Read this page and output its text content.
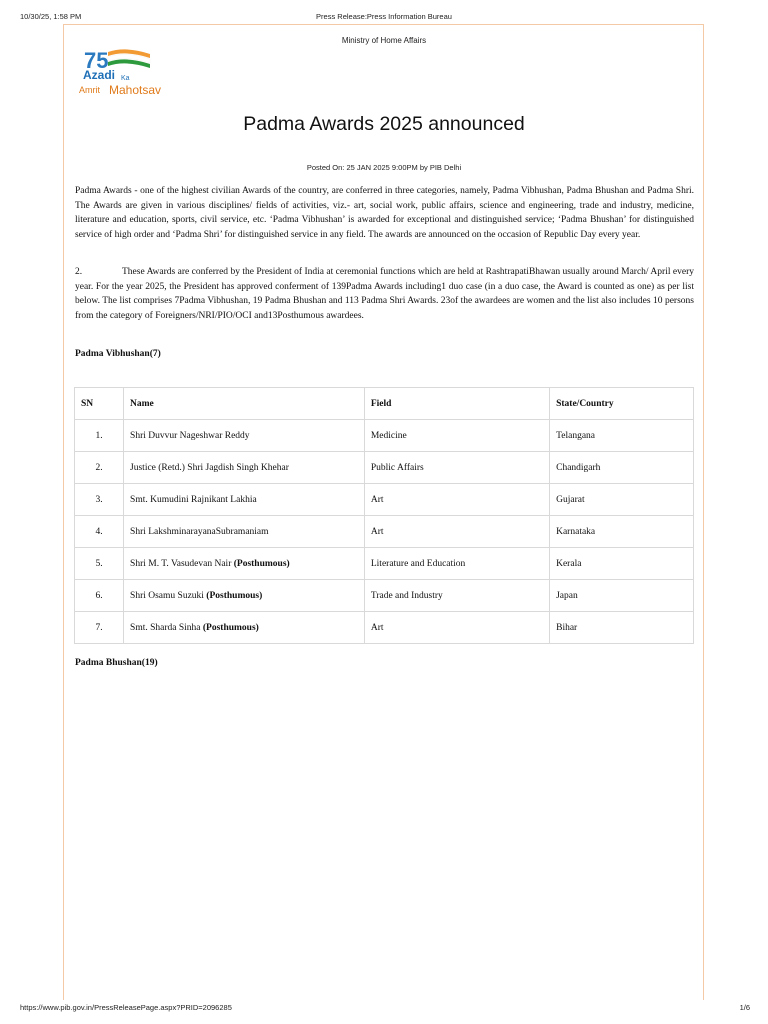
10/30/25, 1:58 PM	Press Release:Press Information Bureau
Ministry of Home Affairs
75
Azadi Ka
Amrit Mahotsav
Padma Awards 2025 announced
Posted On: 25 JAN 2025 9:00PM by PIB Delhi
Padma Awards - one of the highest civilian Awards of the country, are conferred in three categories, namely, Padma Vibhushan, Padma Bhushan and Padma Shri. The Awards are given in various disciplines/ fields of activities, viz.- art, social work, public affairs, science and engineering, trade and industry, medicine, literature and education, sports, civil service, etc. ‘Padma Vibhushan’ is awarded for exceptional and distinguished service; ‘Padma Bhushan’ for distinguished service of high order and ‘Padma Shri’ for distinguished service in any field. The awards are announced on the occasion of Republic Day every year.
2.	These Awards are conferred by the President of India at ceremonial functions which are held at RashtrapatiBhawan usually around March/ April every year. For the year 2025, the President has approved conferment of 139Padma Awards including1 duo case (in a duo case, the Award is counted as one) as per list below. The list comprises 7Padma Vibhushan, 19 Padma Bhushan and 113 Padma Shri Awards. 23of the awardees are women and the list also includes 10 persons from the category of Foreigners/NRI/PIO/OCI and13Posthumous awardees.
Padma Vibhushan(7)
SN	Name	Field	State/Country
1.	Shri Duvvur Nageshwar Reddy	Medicine	Telangana
2.	Justice (Retd.) Shri Jagdish Singh Khehar	Public Affairs	Chandigarh
3.	Smt. Kumudini Rajnikant Lakhia	Art	Gujarat
4.	Shri LakshminarayanaSubramaniam	Art	Karnataka
5.	Shri M. T. Vasudevan Nair (Posthumous)	Literature and Education	Kerala
6.	Shri Osamu Suzuki (Posthumous)	Trade and Industry	Japan
7.	Smt. Sharda Sinha (Posthumous)	Art	Bihar
Padma Bhushan(19)
https://www.pib.gov.in/PressReleasePage.aspx?PRID=2096285	1/6
